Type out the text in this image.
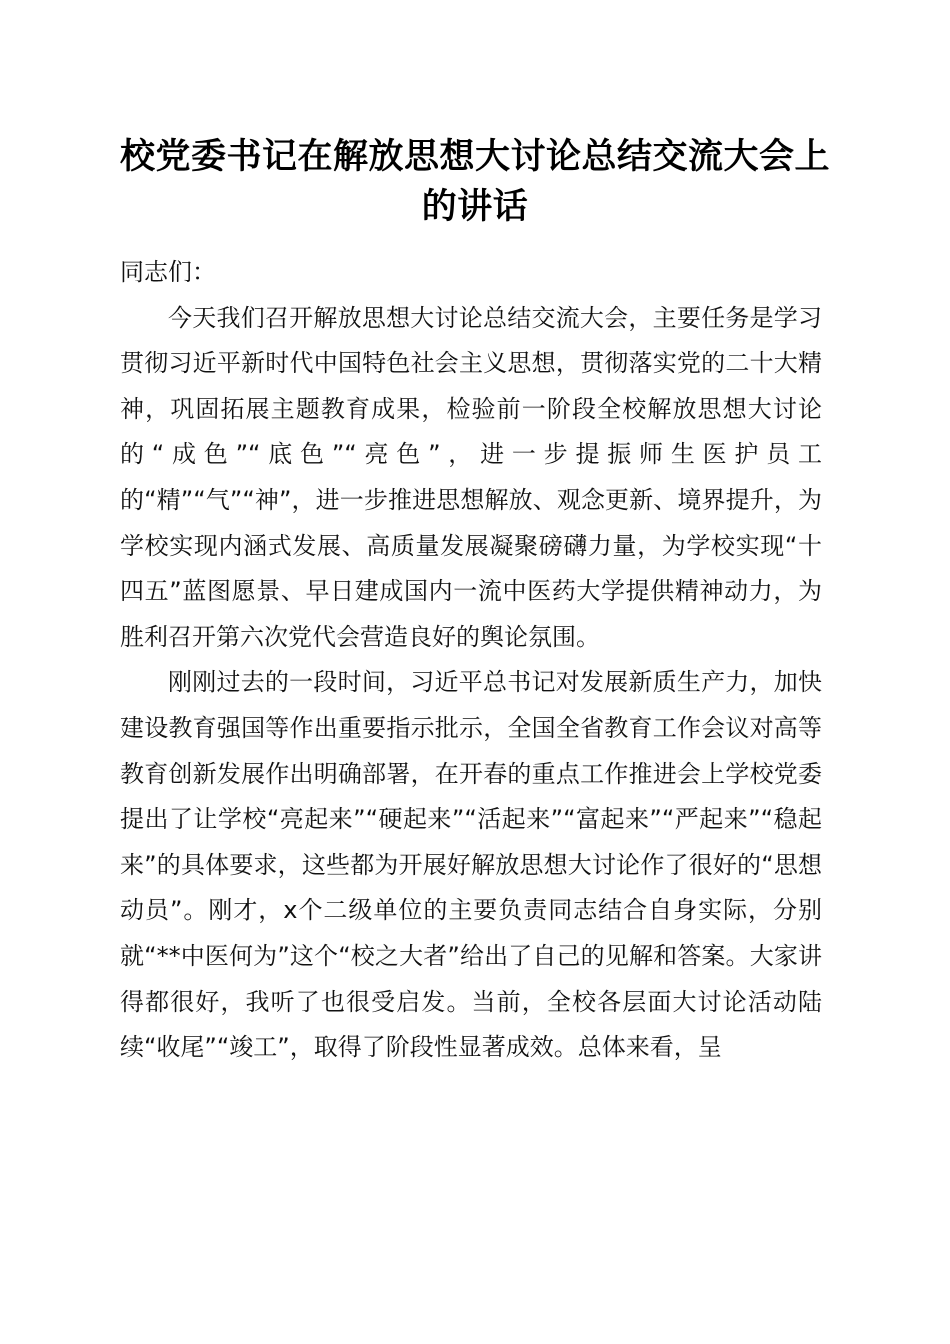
校党委书记在解放思想大讨论总结交流大会上的讲话

同志们：

今天我们召开解放思想大讨论总结交流大会，主要任务是学习贯彻习近平新时代中国特色社会主义思想，贯彻落实党的二十大精神，巩固拓展主题教育成果，检验前一阶段全校解放思想大讨论的“成色”“底色”“亮色”，进一步提振师生医护员工的“精”“气”“神”，进一步推进思想解放、观念更新、境界提升，为学校实现内涵式发展、高质量发展凝聚磅礴力量，为学校实现“十四五”蓝图愿景、早日建成国内一流中医药大学提供精神动力，为胜利召开第六次党代会营造良好的舆论氛围。

刚刚过去的一段时间，习近平总书记对发展新质生产力，加快建设教育强国等作出重要指示批示，全国全省教育工作会议对高等教育创新发展作出明确部署，在开春的重点工作推进会上学校党委提出了让学校“亮起来”“硬起来”“活起来”“富起来”“严起来”“稳起来”的具体要求，这些都为开展好解放思想大讨论作了很好的“思想动员”。刚才，x个二级单位的主要负责同志结合自身实际，分别就“**中医何为”这个“校之大者”给出了自己的见解和答案。大家讲得都很好，我听了也很受启发。当前，全校各层面大讨论活动陆续“收尾”“竣工”，取得了阶段性显著成效。总体来看，呈
